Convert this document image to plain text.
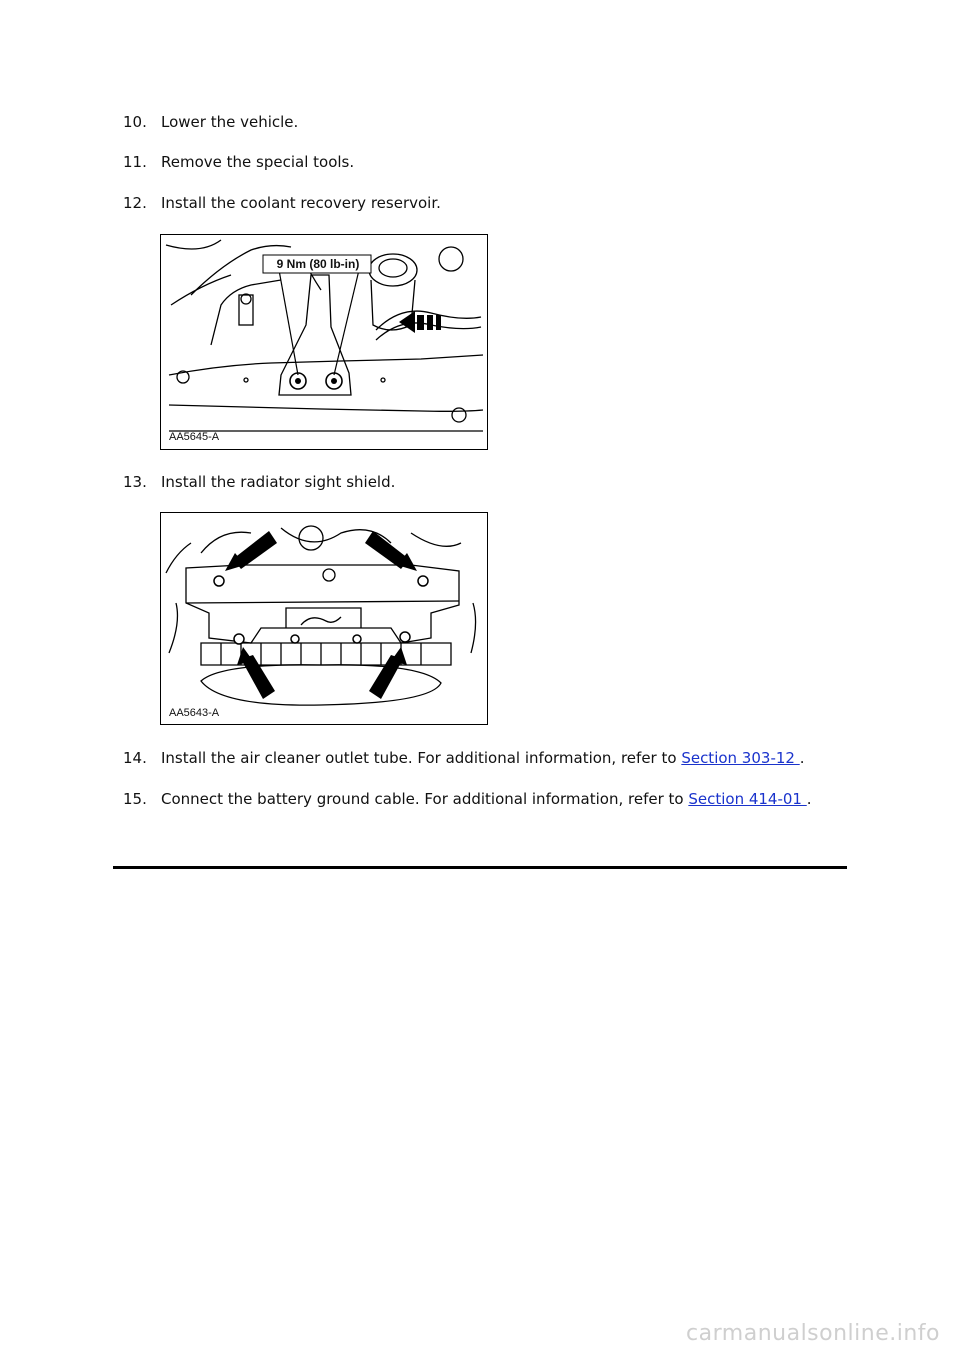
10. Lower the vehicle.
11. Remove the special tools.
12. Install the coolant recovery reservoir.
9 Nm (80 lb-in)
AA5645-A
13. Install the radiator sight shield.
AA5643-A
14. Install the air cleaner outlet tube. For additional information, refer to Section 303-12 .
15. Connect the battery ground cable. For additional information, refer to Section 414-01 .
carmanualsonline.info
